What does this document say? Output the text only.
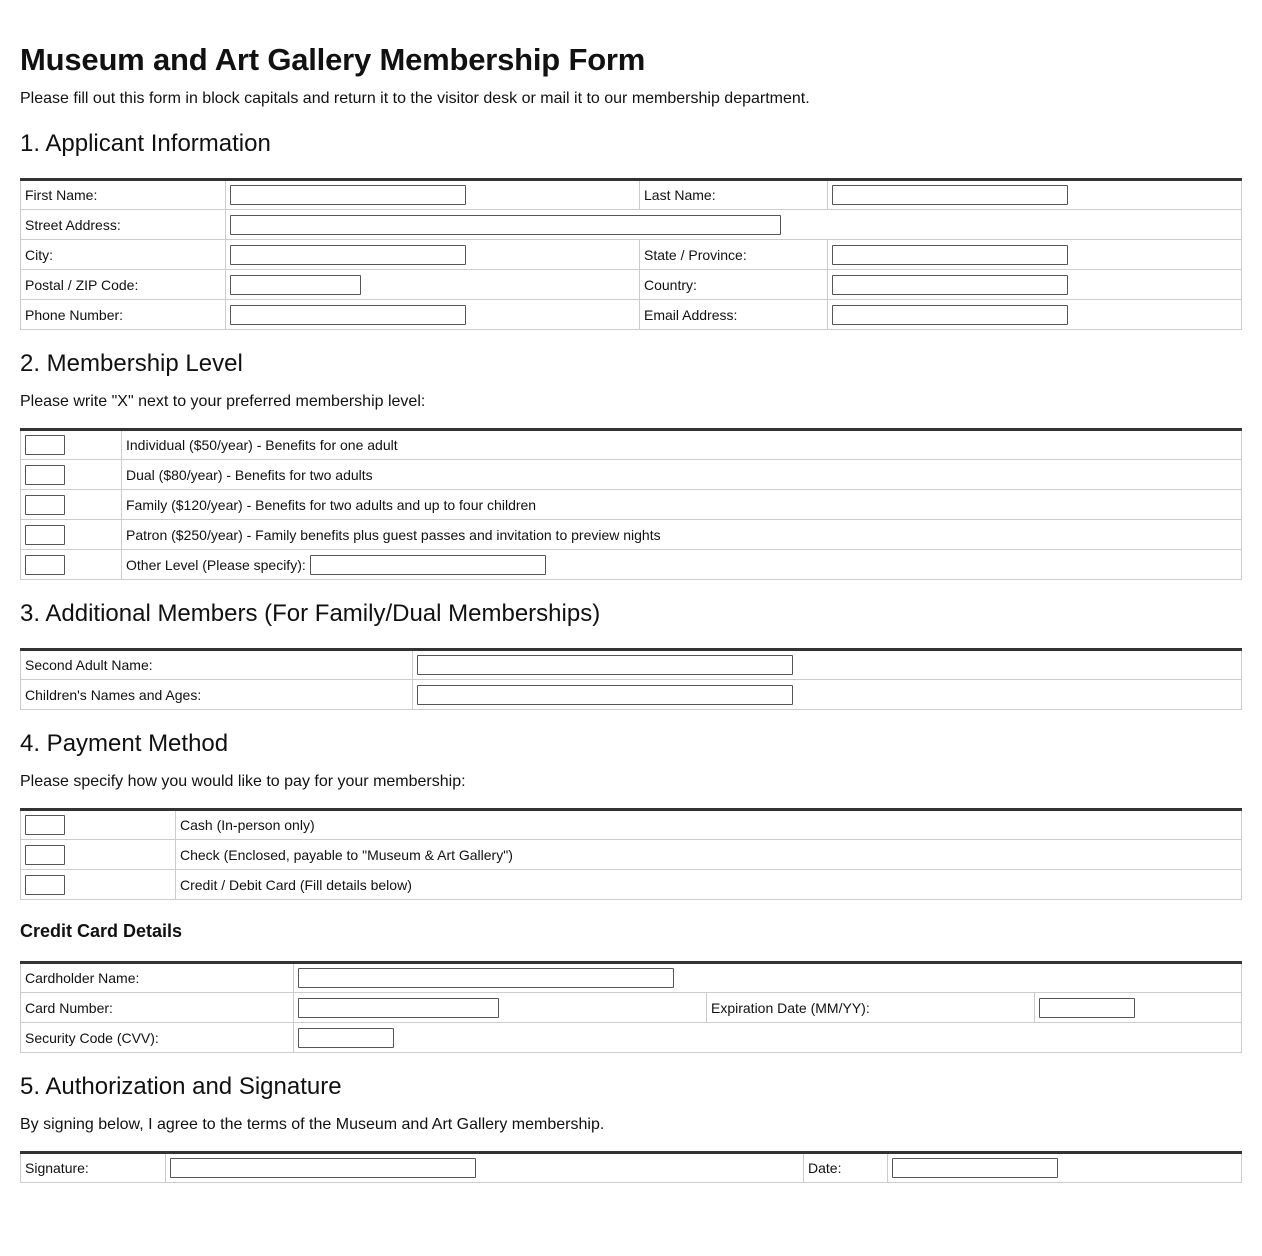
Museum and Art Gallery Membership Form

Please fill out this form in block capitals and return it to the visitor desk or mail it to our membership department.

1. Applicant Information
First Name:		Last Name:	
Street Address:			
City:		State / Province:	
Postal / ZIP Code:		Country:	
Phone Number:		Email Address:	
2. Membership Level

Please write "X" next to your preferred membership level:

	Individual ($50/year) - Benefits for one adult
	Dual ($80/year) - Benefits for two adults
	Family ($120/year) - Benefits for two adults and up to four children
	Patron ($250/year) - Family benefits plus guest passes and invitation to preview nights
	Other Level (Please specify):
3. Additional Members (For Family/Dual Memberships)
Second Adult Name:	
Children's Names and Ages:	
4. Payment Method

Please specify how you would like to pay for your membership:

	Cash (In-person only)
	Check (Enclosed, payable to "Museum & Art Gallery")
	Credit / Debit Card (Fill details below)
Credit Card Details
Cardholder Name:			
Card Number:		Expiration Date (MM/YY):	
Security Code (CVV):			
5. Authorization and Signature

By signing below, I agree to the terms of the Museum and Art Gallery membership.

Signature:		Date:	
